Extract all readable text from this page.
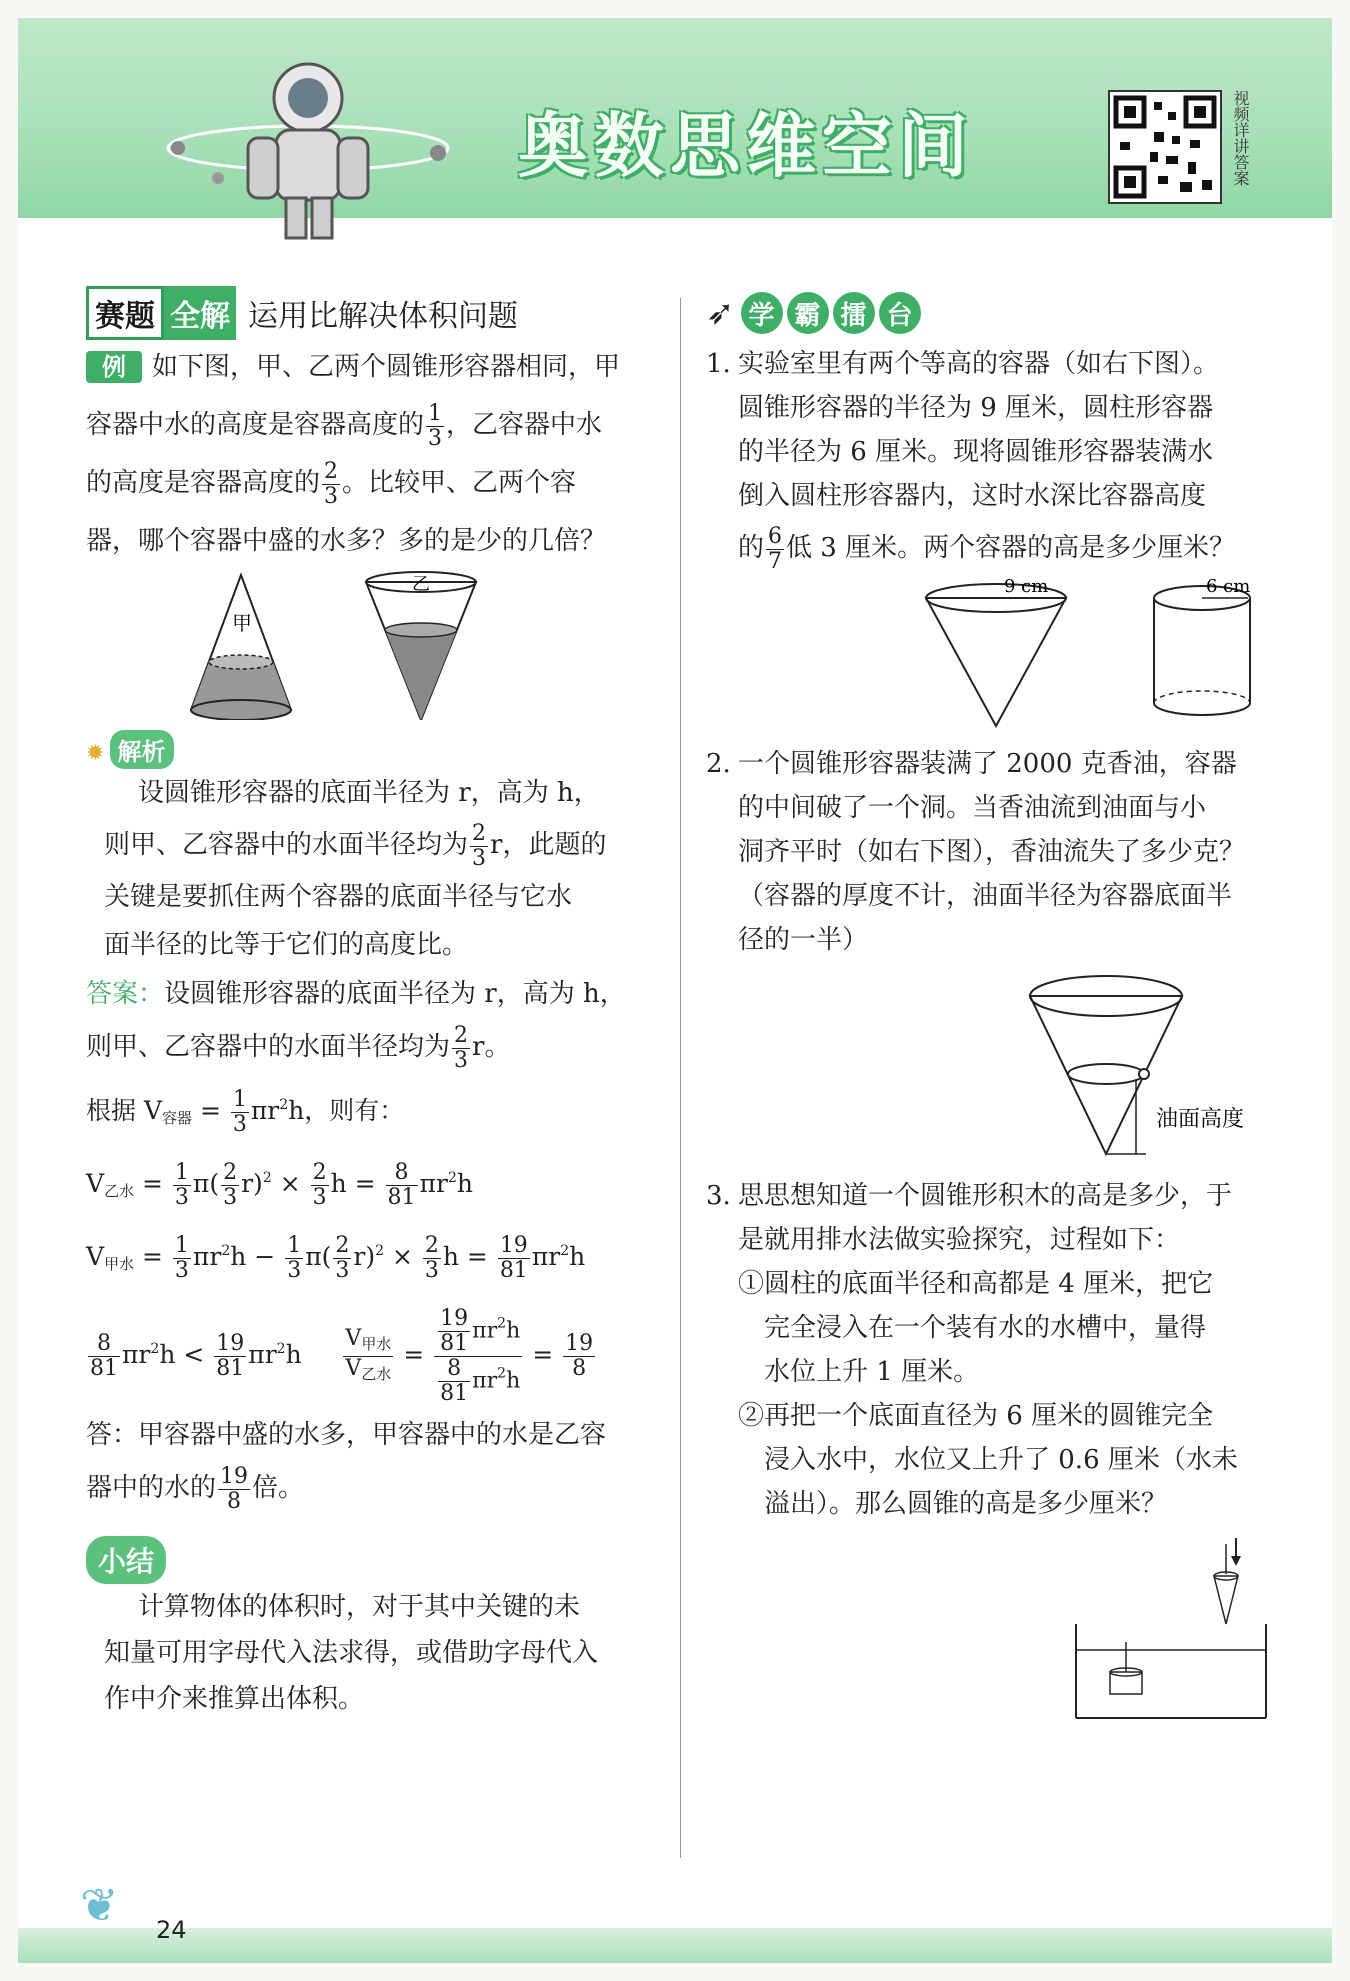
奥数思维空间	视频详讲答案
赛题 全解 运用比解决体积问题

例 如下图，甲、乙两个圆锥形容器相同，甲

容器中水的高度是容器高度的 $\frac{1}{3}$ ，乙容器中水

的高度是容器高度的 $\frac{2}{3}$ 。比较甲、乙两个容

器，哪个容器中盛的水多？多的是少的几倍？

甲
乙
✹ 解析

设圆锥形容器的底面半径为 r，高为 h，

则甲、乙容器中的水面半径均为 $\frac{2}{3}$ r，此题的

关键是要抓住两个容器的底面半径与它水

面半径的比等于它们的高度比。

答案：设圆锥形容器的底面半径为 r，高为 h，

则甲、乙容器中的水面半径均为 $\frac{2}{3}$ r。

根据 $V_{容器} = \frac{1}{3} \pi r^2h$，则有：

$V_{乙水} = \frac{1}{3} \pi( \frac{2}{3} r)^2 \times \frac{2}{3}$ $h = \frac{8}{81} \pi r^2h$

$V_{甲水} = \frac{1}{3} \pi r^2h - \frac{1}{3} \pi( \frac{2}{3} r)^2 \times \frac{2}{3}$ $h = \frac{19}{81} \pi r^2h$

$\frac{8}{81} \pi r^2h < \frac{19}{81} \pi r^2h \frac{V_{甲水}}{V_{乙水}} = \frac{\frac{19}{81} \pi r^2h}{\frac{8}{81} \pi r^2h} = \frac{19}{8}$

答：甲容器中盛的水多，甲容器中的水是乙容

器中的水的 $\frac{19}{8}$ 倍。

小结

计算物体的体积时，对于其中关键的未

知量可用字母代入法求得，或借助字母代入

作中介来推算出体积。

➶ 学 霸 擂 台

1. 实验室里有两个等高的容器（如右下图）。

圆锥形容器的半径为 9 厘米，圆柱形容器

的半径为 6 厘米。现将圆锥形容器装满水

倒入圆柱形容器内，这时水深比容器高度

的 $\frac{6}{7}$ 低 3 厘米。两个容器的高是多少厘米？

9 cm	6 cm

2. 一个圆锥形容器装满了 2000 克香油，容器

的中间破了一个洞。当香油流到油面与小

洞齐平时（如右下图），香油流失了多少克？

（容器的厚度不计，油面半径为容器底面半

径的一半）

油面高度

3. 思思想知道一个圆锥形积木的高是多少，于

是就用排水法做实验探究，过程如下：

①圆柱的底面半径和高都是 4 厘米，把它

完全浸入在一个装有水的水槽中，量得

水位上升 1 厘米。

②再把一个底面直径为 6 厘米的圆锥完全

浸入水中，水位又上升了 0.6 厘米（水未

溢出）。那么圆锥的高是多少厘米？

❦ 24
